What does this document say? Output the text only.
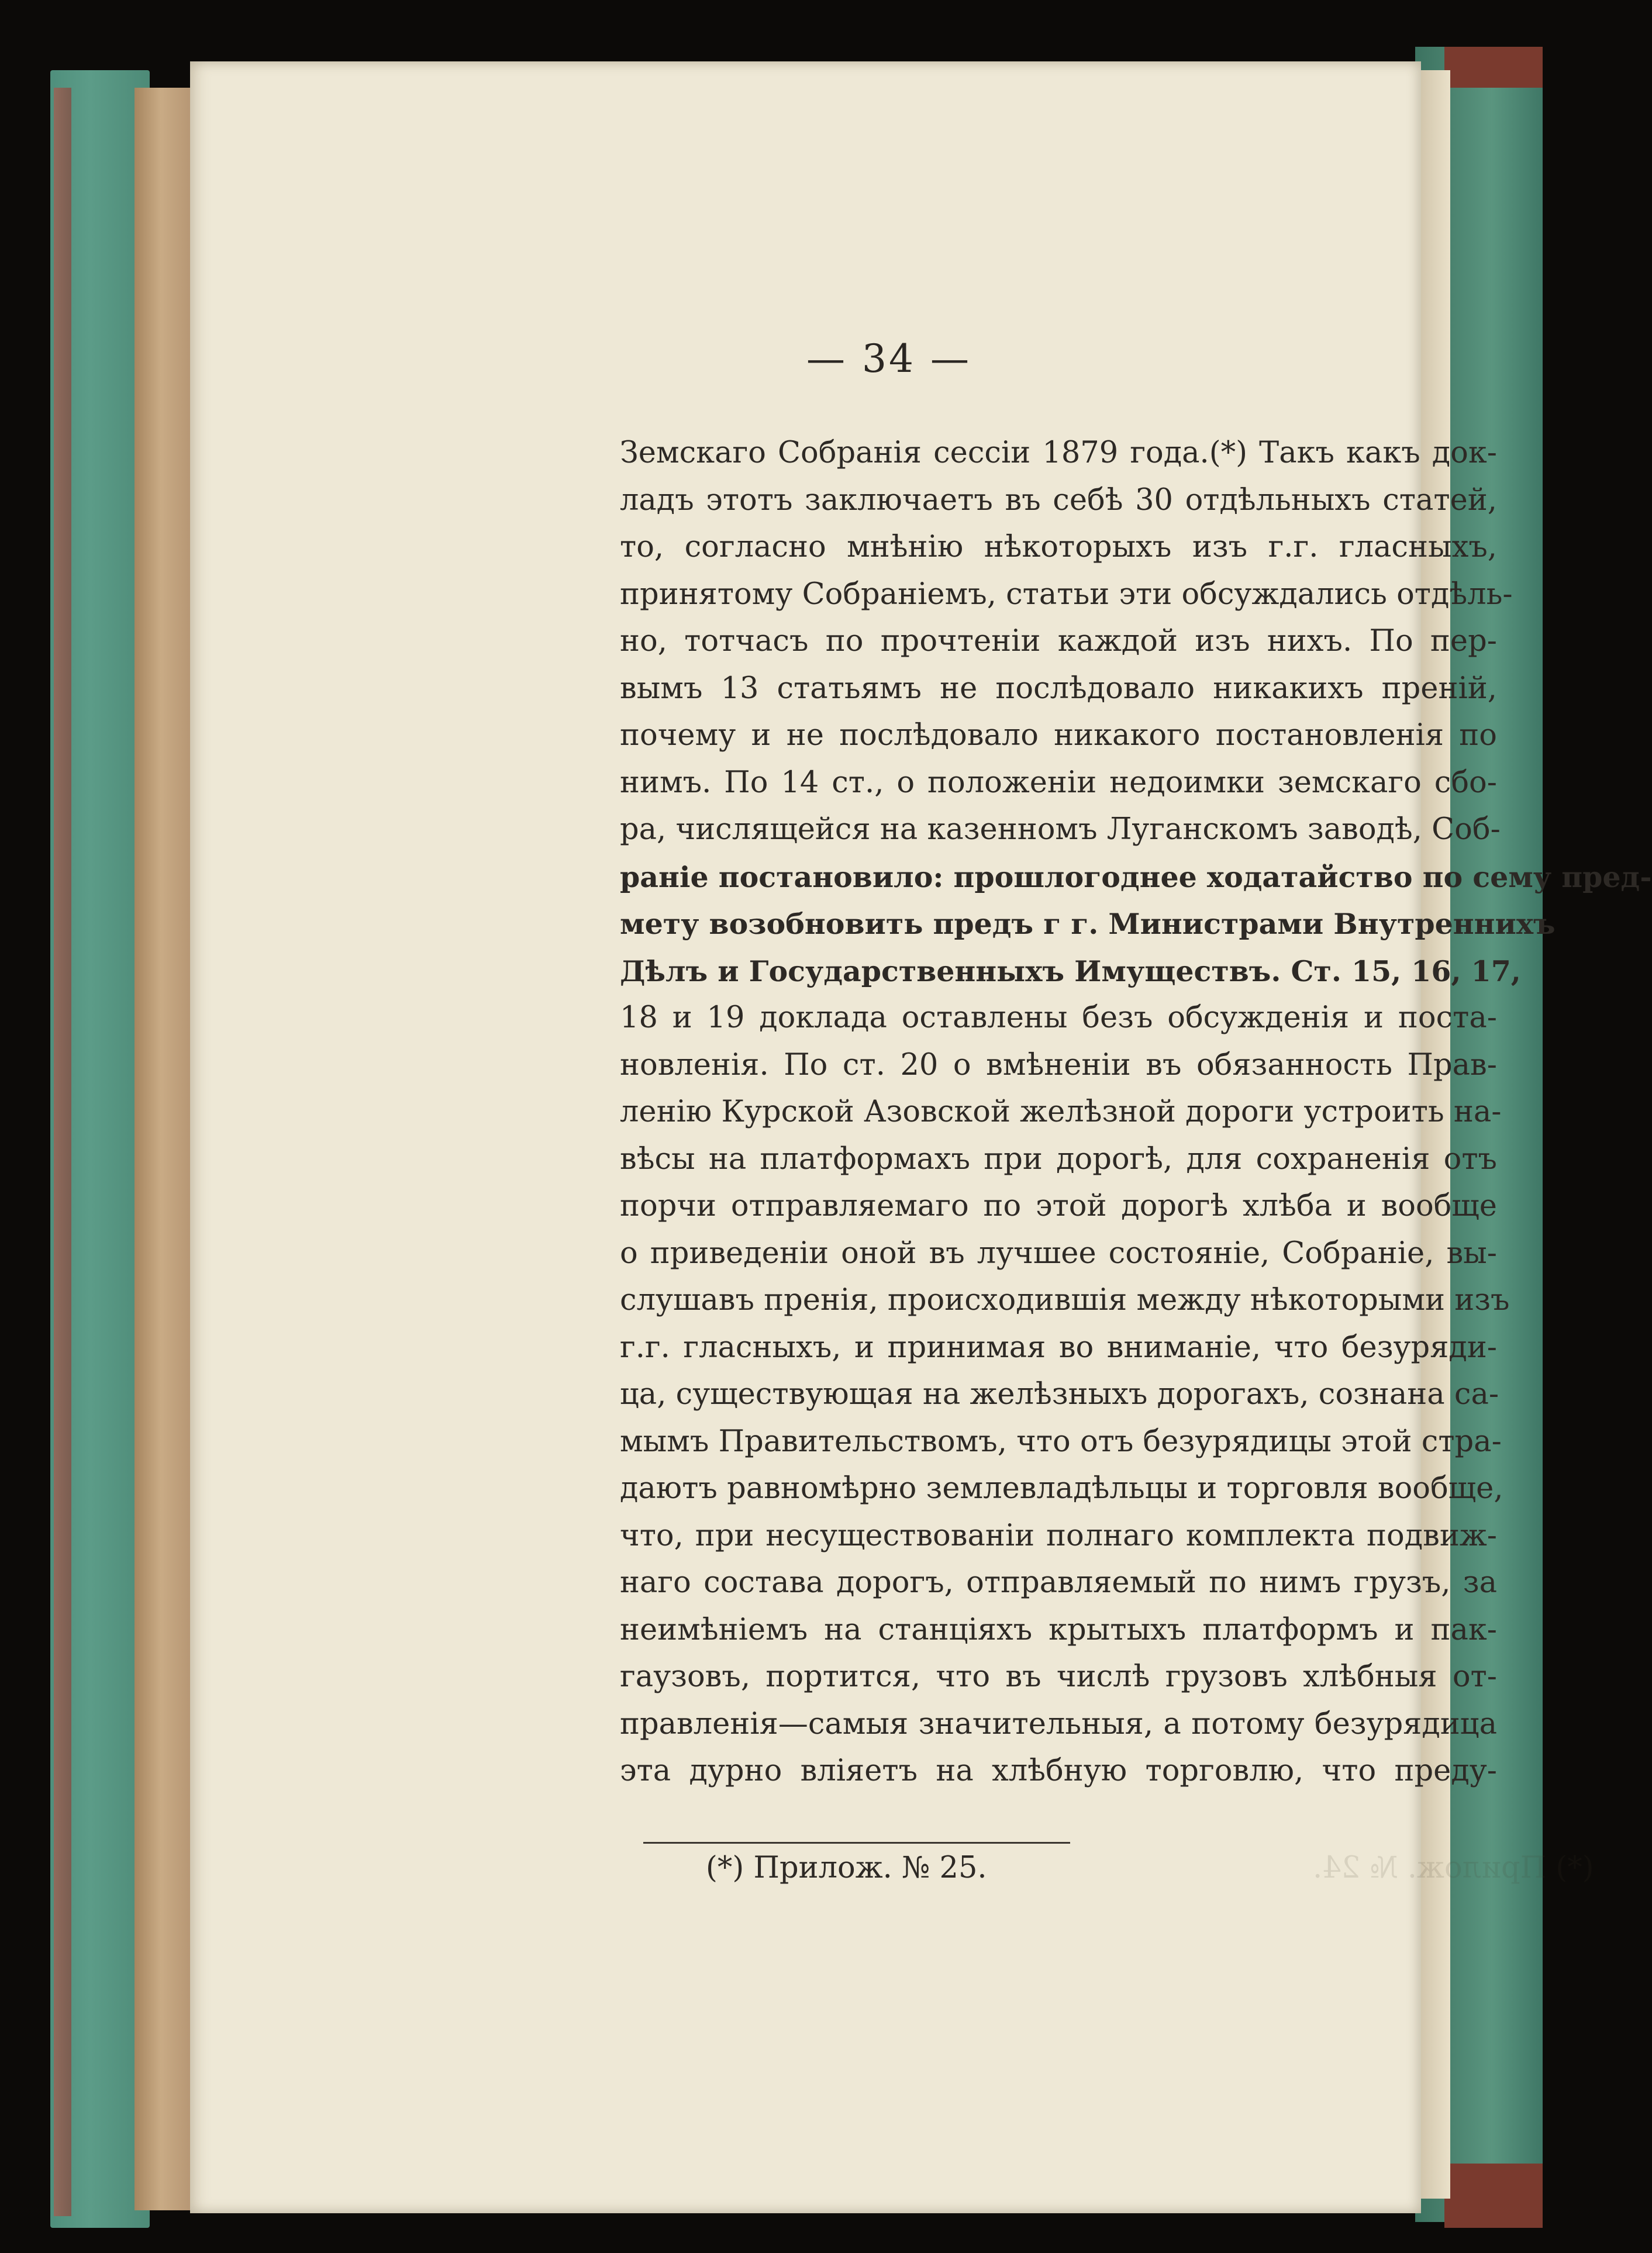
— 34 —
Земскаго Собранія сессіи 1879 года.(*) Такъ какъ док-
ладъ этотъ заключаетъ въ себѣ 30 отдѣльныхъ статей,
то, согласно мнѣнію нѣкоторыхъ изъ г.г. гласныхъ,
принятому Собраніемъ, статьи эти обсуждались отдѣль-
но, тотчасъ по прочтеніи каждой изъ нихъ. По пер-
вымъ 13 статьямъ не послѣдовало никакихъ преній,
почему и не послѣдовало никакого постановленія по
нимъ. По 14 ст., о положеніи недоимки земскаго сбо-
ра, числящейся на казенномъ Луганскомъ заводѣ, Соб-
раніе постановило: прошлогоднее ходатайство по сему пред-
мету возобновить предъ г г. Министрами Внутреннихъ
Дѣлъ и Государственныхъ Имуществъ. Ст. 15, 16, 17,
18 и 19 доклада оставлены безъ обсужденія и поста-
новленія. По ст. 20 о вмѣненіи въ обязанность Прав-
ленію Курской Азовской желѣзной дороги устроить на-
вѣсы на платформахъ при дорогѣ, для сохраненія отъ
порчи отправляемаго по этой дорогѣ хлѣба и вообще
о приведеніи оной въ лучшее состояніе, Собраніе, вы-
слушавъ пренія, происходившія между нѣкоторыми изъ
г.г. гласныхъ, и принимая во вниманіе, что безуряди-
ца, существующая на желѣзныхъ дорогахъ, сознана са-
мымъ Правительствомъ, что отъ безурядицы этой стра-
даютъ равномѣрно землевладѣльцы и торговля вообще,
что, при несуществованіи полнаго комплекта подвиж-
наго состава дорогъ, отправляемый по нимъ грузъ, за
неимѣніемъ на станціяхъ крытыхъ платформъ и пак-
гаузовъ, портится, что въ числѣ грузовъ хлѣбныя от-
правленія—самыя значительныя, а потому безурядица
эта дурно вліяетъ на хлѣбную торговлю, что преду-
(*) Прилож. № 25.	(*) Прилож. № 24.
